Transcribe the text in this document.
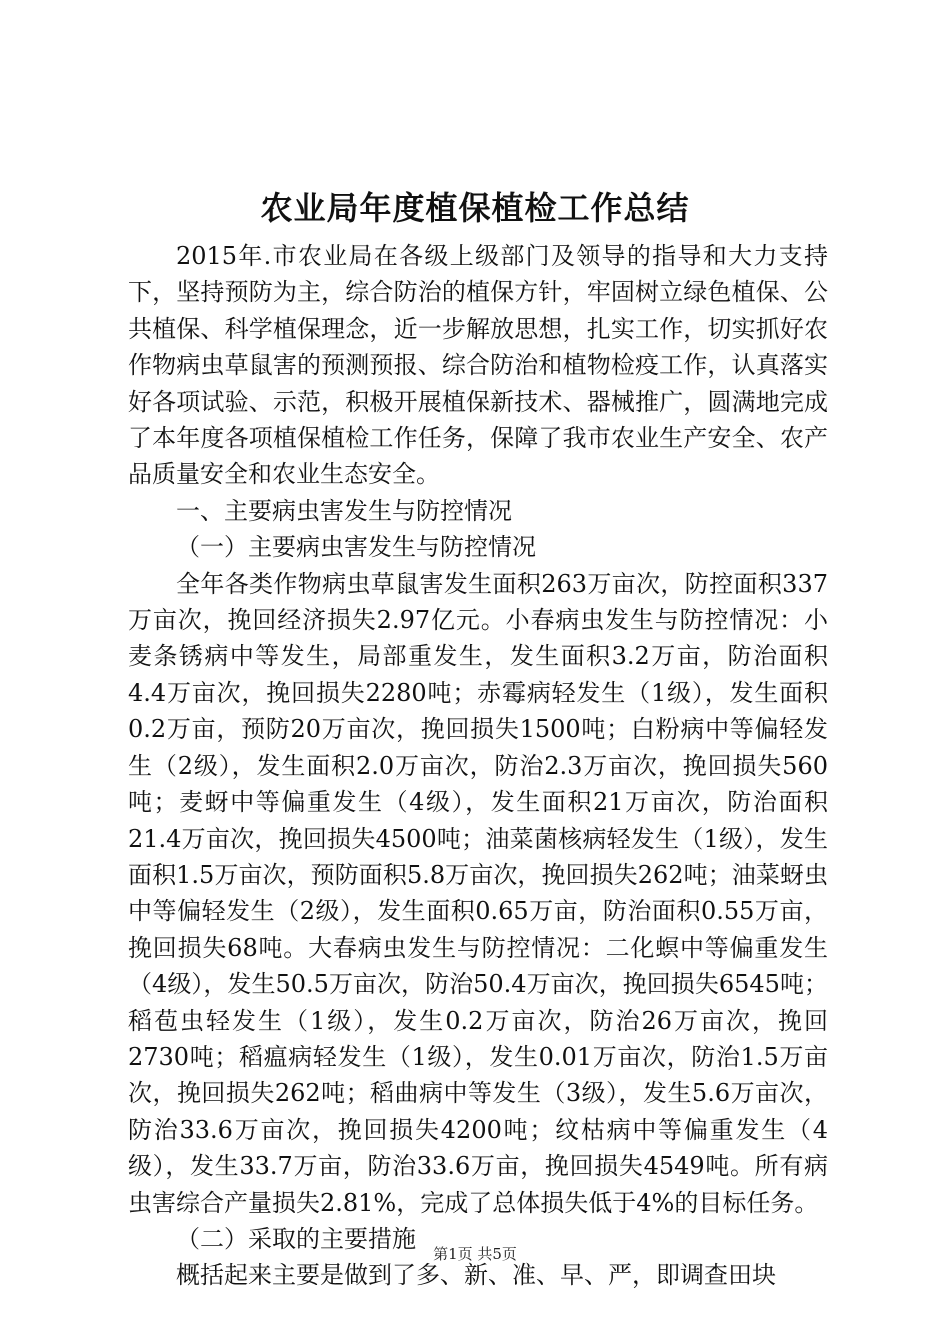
农业局年度植保植检工作总结

2015年.市农业局在各级上级部门及领导的指导和大力支持下，坚持预防为主，综合防治的植保方针，牢固树立绿色植保、公共植保、科学植保理念，近一步解放思想，扎实工作，切实抓好农作物病虫草鼠害的预测预报、综合防治和植物检疫工作，认真落实好各项试验、示范，积极开展植保新技术、器械推广，圆满地完成了本年度各项植保植检工作任务，保障了我市农业生产安全、农产品质量安全和农业生态安全。

一、主要病虫害发生与防控情况

（一）主要病虫害发生与防控情况

全年各类作物病虫草鼠害发生面积263万亩次，防控面积337万亩次，挽回经济损失2.97亿元。小春病虫发生与防控情况：小麦条锈病中等发生，局部重发生，发生面积3.2万亩，防治面积4.4万亩次，挽回损失2280吨；赤霉病轻发生（1级），发生面积0.2万亩，预防20万亩次，挽回损失1500吨；白粉病中等偏轻发生（2级），发生面积2.0万亩次，防治2.3万亩次，挽回损失560吨；麦蚜中等偏重发生（4级），发生面积21万亩次，防治面积21.4万亩次，挽回损失4500吨；油菜菌核病轻发生（1级），发生面积1.5万亩次，预防面积5.8万亩次，挽回损失262吨；油菜蚜虫中等偏轻发生（2级），发生面积0.65万亩，防治面积0.55万亩，挽回损失68吨。大春病虫发生与防控情况：二化螟中等偏重发生（4级），发生50.5万亩次，防治50.4万亩次，挽回损失6545吨；稻苞虫轻发生（1级），发生0.2万亩次，防治26万亩次，挽回2730吨；稻瘟病轻发生（1级），发生0.01万亩次，防治1.5万亩次，挽回损失262吨；稻曲病中等发生（3级），发生5.6万亩次，防治33.6万亩次，挽回损失4200吨；纹枯病中等偏重发生（4级），发生33.7万亩，防治33.6万亩，挽回损失4549吨。所有病虫害综合产量损失2.81%，完成了总体损失低于4%的目标任务。

（二）采取的主要措施

概括起来主要是做到了多、新、准、早、严，即调查田块

第1页 共5页
